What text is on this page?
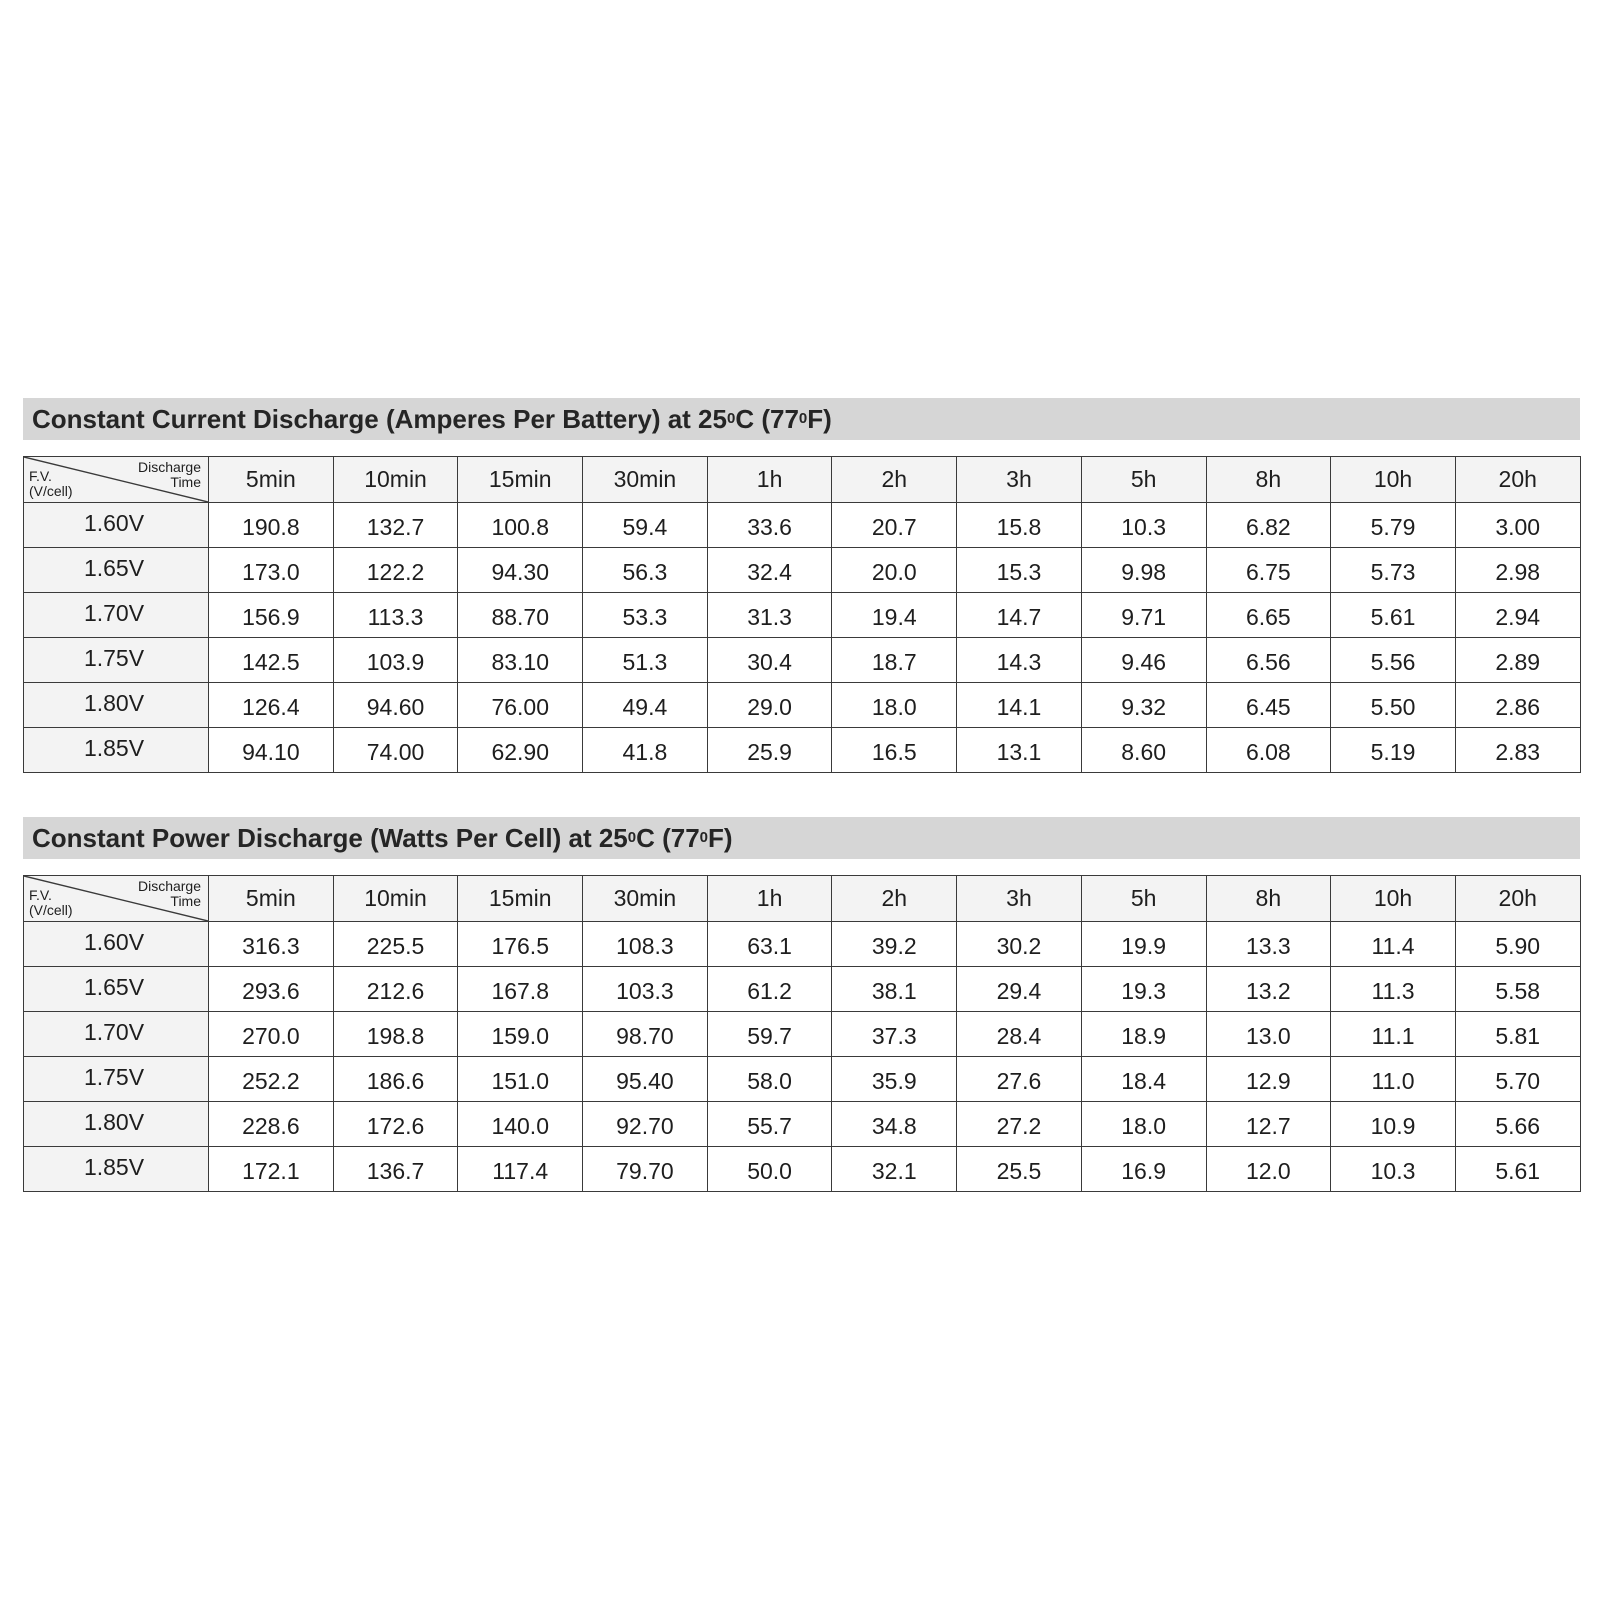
Constant Current Discharge (Amperes Per Battery) at 25 0 C (77 0 F)
Discharge Time
F.V. (V/cell)	5min	10min	15min	30min	1h	2h	3h	5h	8h	10h	20h
1.60V	190.8	132.7	100.8	59.4	33.6	20.7	15.8	10.3	6.82	5.79	3.00
1.65V	173.0	122.2	94.30	56.3	32.4	20.0	15.3	9.98	6.75	5.73	2.98
1.70V	156.9	113.3	88.70	53.3	31.3	19.4	14.7	9.71	6.65	5.61	2.94
1.75V	142.5	103.9	83.10	51.3	30.4	18.7	14.3	9.46	6.56	5.56	2.89
1.80V	126.4	94.60	76.00	49.4	29.0	18.0	14.1	9.32	6.45	5.50	2.86
1.85V	94.10	74.00	62.90	41.8	25.9	16.5	13.1	8.60	6.08	5.19	2.83
Constant Power Discharge (Watts Per Cell) at 25 0 C (77 0 F)
Discharge Time
F.V. (V/cell)	5min	10min	15min	30min	1h	2h	3h	5h	8h	10h	20h
1.60V	316.3	225.5	176.5	108.3	63.1	39.2	30.2	19.9	13.3	11.4	5.90
1.65V	293.6	212.6	167.8	103.3	61.2	38.1	29.4	19.3	13.2	11.3	5.58
1.70V	270.0	198.8	159.0	98.70	59.7	37.3	28.4	18.9	13.0	11.1	5.81
1.75V	252.2	186.6	151.0	95.40	58.0	35.9	27.6	18.4	12.9	11.0	5.70
1.80V	228.6	172.6	140.0	92.70	55.7	34.8	27.2	18.0	12.7	10.9	5.66
1.85V	172.1	136.7	117.4	79.70	50.0	32.1	25.5	16.9	12.0	10.3	5.61
